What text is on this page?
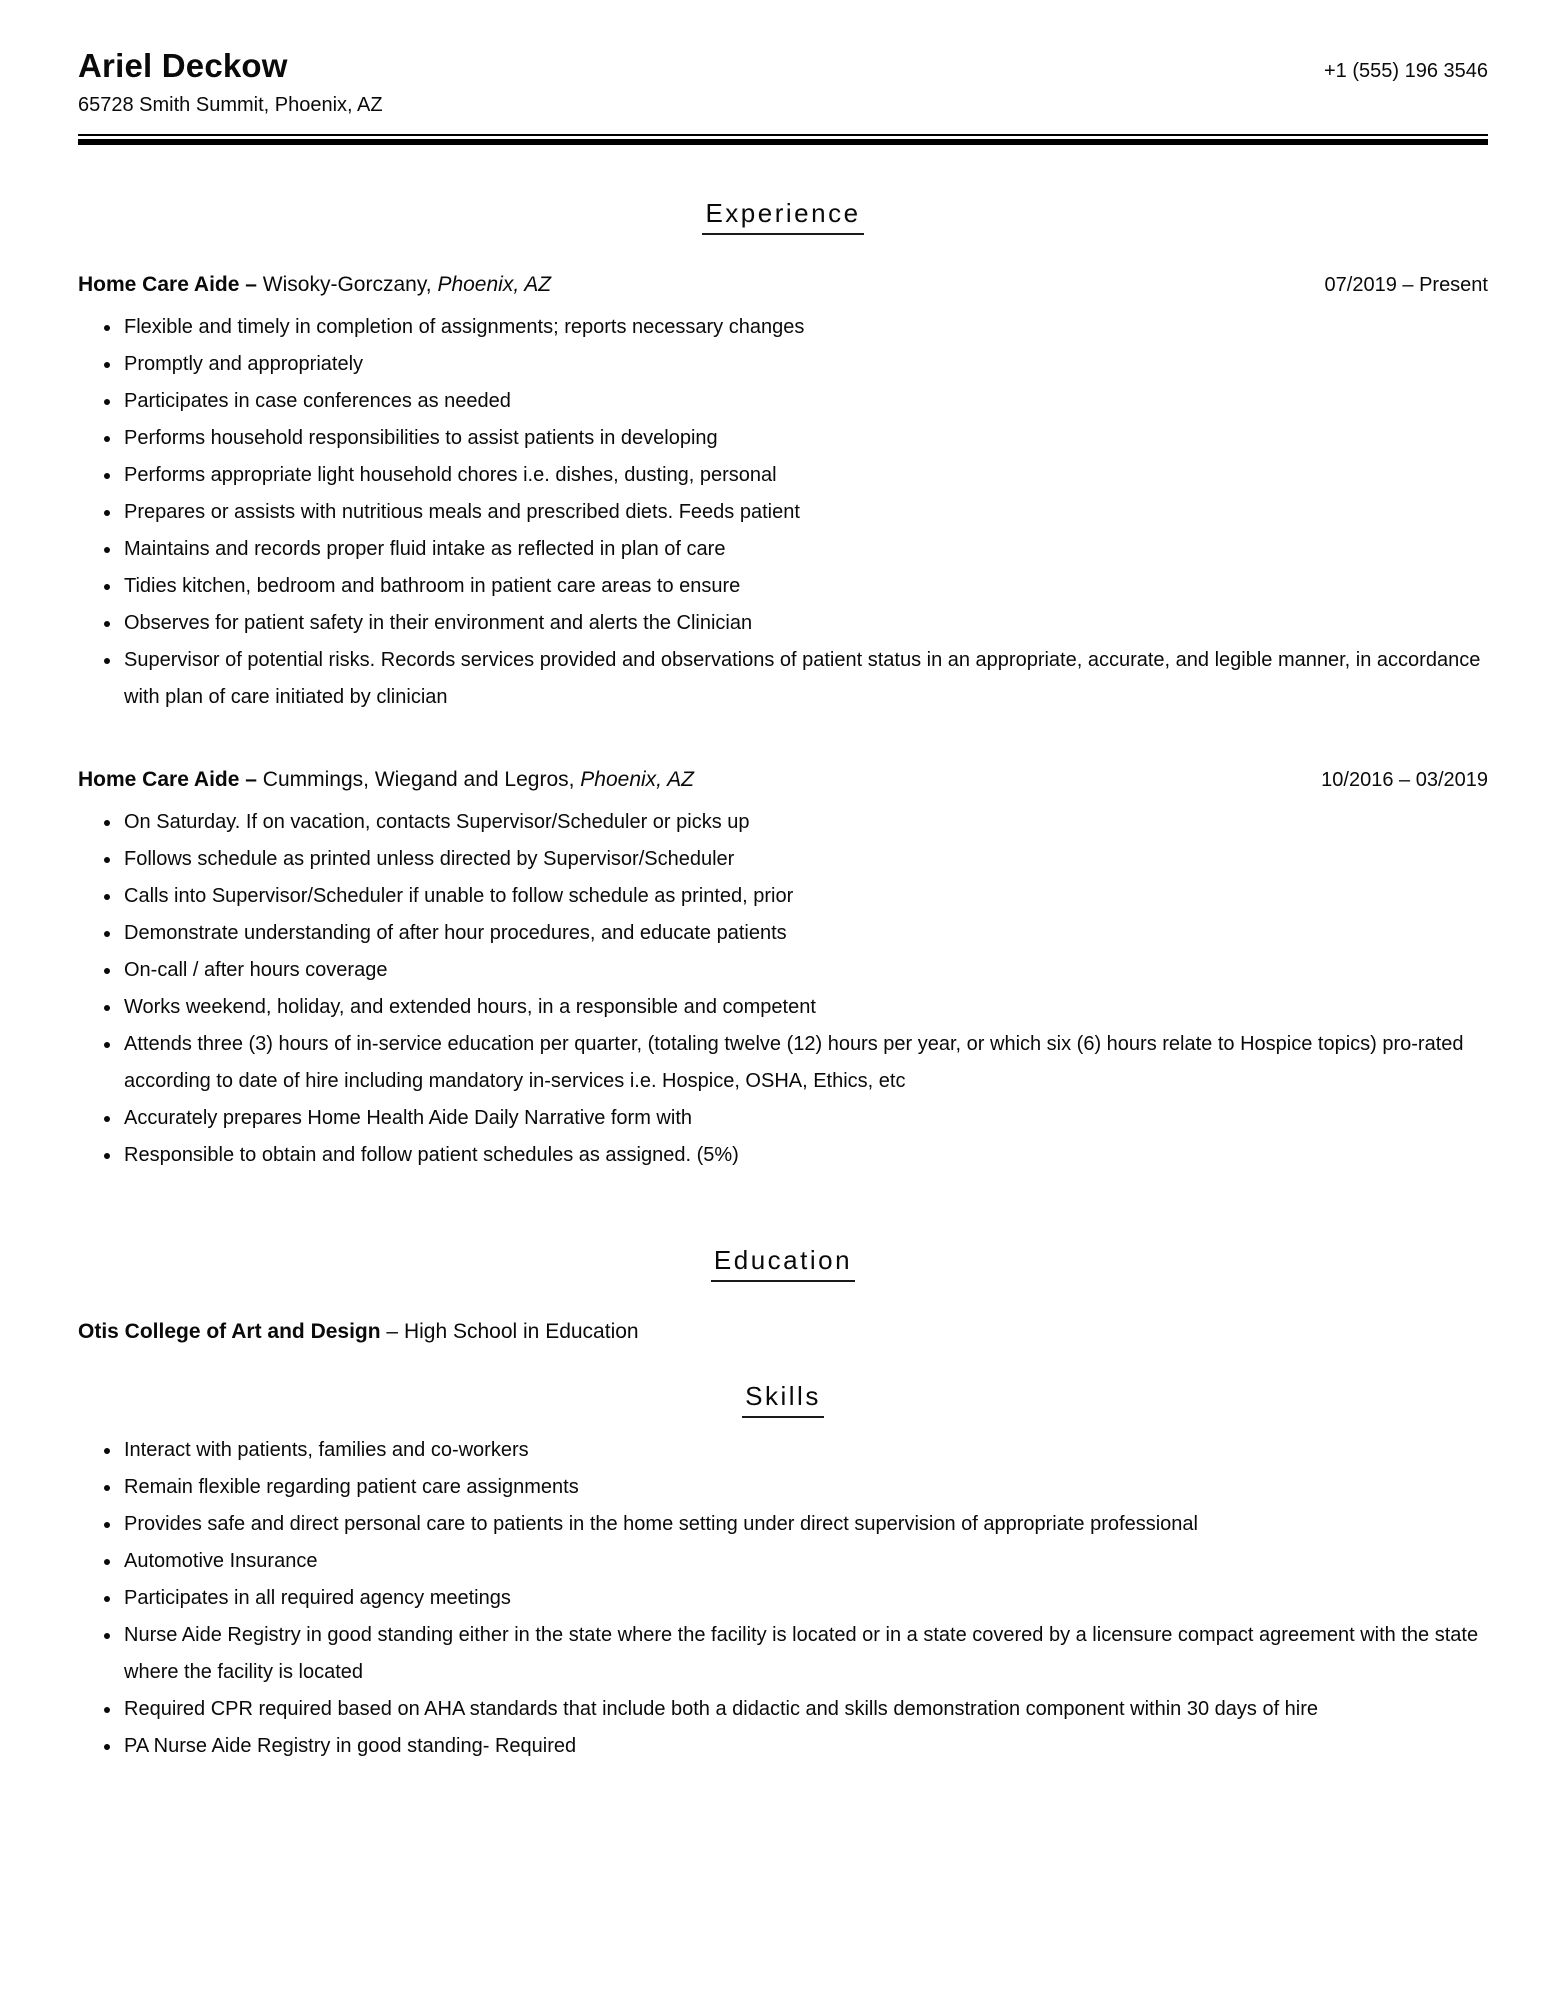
Ariel Deckow	+1 (555) 196 3546
65728 Smith Summit, Phoenix, AZ
Experience
Home Care Aide – Wisoky-Gorczany, Phoenix, AZ	07/2019 – Present
• Flexible and timely in completion of assignments; reports necessary changes
• Promptly and appropriately
• Participates in case conferences as needed
• Performs household responsibilities to assist patients in developing
• Performs appropriate light household chores i.e. dishes, dusting, personal
• Prepares or assists with nutritious meals and prescribed diets. Feeds patient
• Maintains and records proper fluid intake as reflected in plan of care
• Tidies kitchen, bedroom and bathroom in patient care areas to ensure
• Observes for patient safety in their environment and alerts the Clinician
• Supervisor of potential risks. Records services provided and observations of patient status in an appropriate, accurate, and legible manner, in accordance with plan of care initiated by clinician
Home Care Aide – Cummings, Wiegand and Legros, Phoenix, AZ	10/2016 – 03/2019
• On Saturday. If on vacation, contacts Supervisor/Scheduler or picks up
• Follows schedule as printed unless directed by Supervisor/Scheduler
• Calls into Supervisor/Scheduler if unable to follow schedule as printed, prior
• Demonstrate understanding of after hour procedures, and educate patients
• On-call / after hours coverage
• Works weekend, holiday, and extended hours, in a responsible and competent
• Attends three (3) hours of in-service education per quarter, (totaling twelve (12) hours per year, or which six (6) hours relate to Hospice topics) pro-rated according to date of hire including mandatory in-services i.e. Hospice, OSHA, Ethics, etc
• Accurately prepares Home Health Aide Daily Narrative form with
• Responsible to obtain and follow patient schedules as assigned. (5%)
Education
Otis College of Art and Design – High School in Education
Skills
• Interact with patients, families and co-workers
• Remain flexible regarding patient care assignments
• Provides safe and direct personal care to patients in the home setting under direct supervision of appropriate professional
• Automotive Insurance
• Participates in all required agency meetings
• Nurse Aide Registry in good standing either in the state where the facility is located or in a state covered by a licensure compact agreement with the state where the facility is located
• Required CPR required based on AHA standards that include both a didactic and skills demonstration component within 30 days of hire
• PA Nurse Aide Registry in good standing- Required
